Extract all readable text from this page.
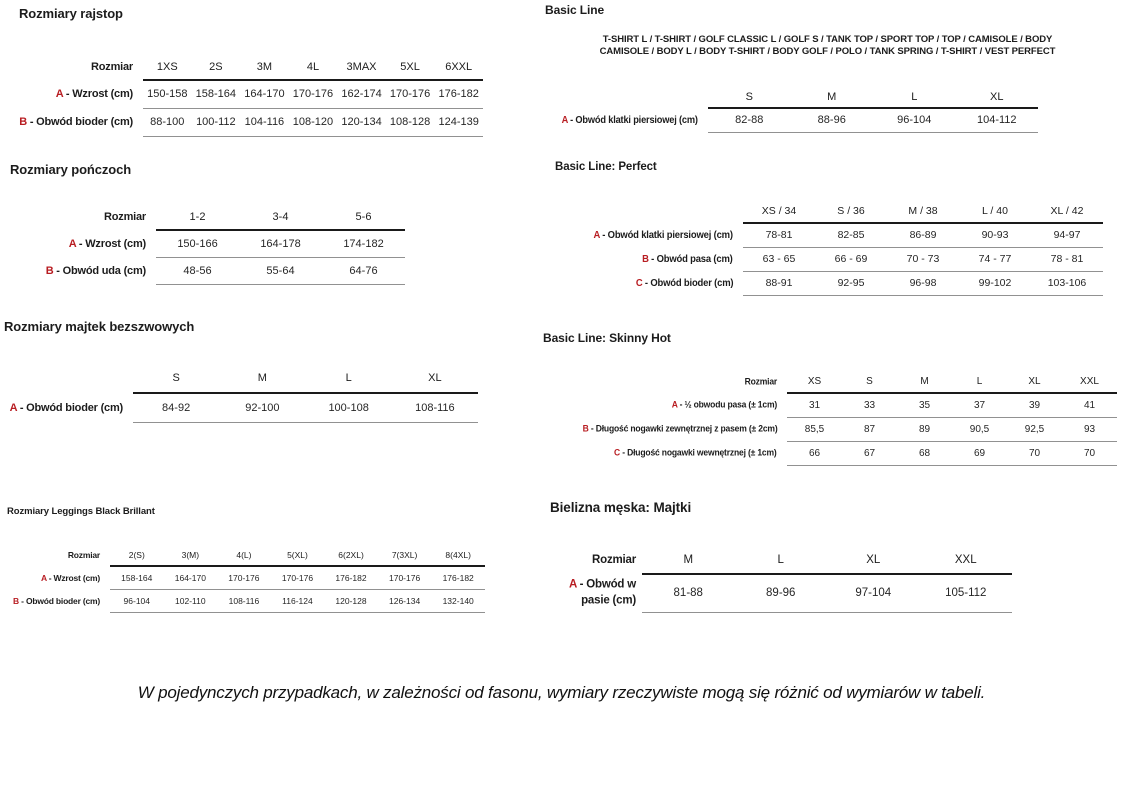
Rozmiary rajstop
Rozmiar	1XS	2S	3M	4L	3MAX	5XL	6XXL

A - Wzrost (cm)	150-158	158-164	164-170	170-176	162-174	170-176	176-182

B - Obwód bioder (cm)	88-100	100-112	104-116	108-120	120-134	108-128	124-139
Rozmiary pończoch
Rozmiar	1-2	3-4	5-6

A - Wzrost (cm)	150-166	164-178	174-182

B - Obwód uda (cm)	48-56	55-64	64-76
Rozmiary majtek bezszwowych
	S	M	L	XL

A - Obwód bioder (cm)	84-92	92-100	100-108	108-116
Rozmiary Leggings Black Brillant
Rozmiar	2(S)	3(M)	4(L)	5(XL)	6(2XL)	7(3XL)	8(4XL)

A - Wzrost (cm)	158-164	164-170	170-176	170-176	176-182	170-176	176-182

B - Obwód bioder (cm)	96-104	102-110	108-116	116-124	120-128	126-134	132-140
Basic Line
T-SHIRT L / T-SHIRT / GOLF CLASSIC L / GOLF S / TANK TOP / SPORT TOP / TOP / CAMISOLE / BODY
CAMISOLE / BODY L / BODY T-SHIRT / BODY GOLF / POLO / TANK SPRING / T-SHIRT / VEST PERFECT
	S	M	L	XL

A - Obwód klatki piersiowej (cm)	82-88	88-96	96-104	104-112
Basic Line: Perfect
	XS / 34	S / 36	M / 38	L / 40	XL / 42

A - Obwód klatki piersiowej (cm)	78-81	82-85	86-89	90-93	94-97

B - Obwód pasa (cm)	63 - 65	66 - 69	70 - 73	74 - 77	78 - 81

C - Obwód bioder (cm)	88-91	92-95	96-98	99-102	103-106
Basic Line: Skinny Hot
Rozmiar	XS	S	M	L	XL	XXL

A - ½ obwodu pasa (± 1cm)	31	33	35	37	39	41

B - Długość nogawki zewnętrznej z pasem (± 2cm)	85,5	87	89	90,5	92,5	93

C - Długość nogawki wewnętrznej (± 1cm)	66	67	68	69	70	70
Bielizna męska: Majtki
Rozmiar	M	L	XL	XXL

A - Obwód w pasie (cm)	81-88	89-96	97-104	105-112
W pojedynczych przypadkach, w zależności od fasonu, wymiary rzeczywiste mogą się różnić od wymiarów w tabeli.
